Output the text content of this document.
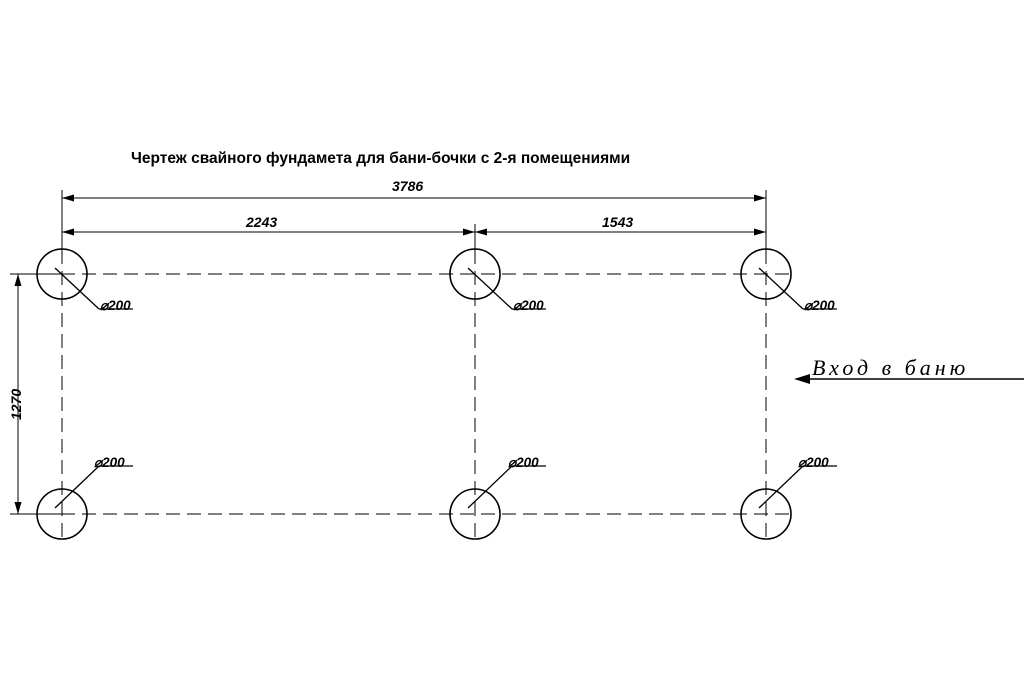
Чертеж свайного фундамета для бани-бочки с 2-я помещениями
3786
2243	1543
1270
⌀200	⌀200	⌀200
⌀200	⌀200	⌀200
Вход в баню
